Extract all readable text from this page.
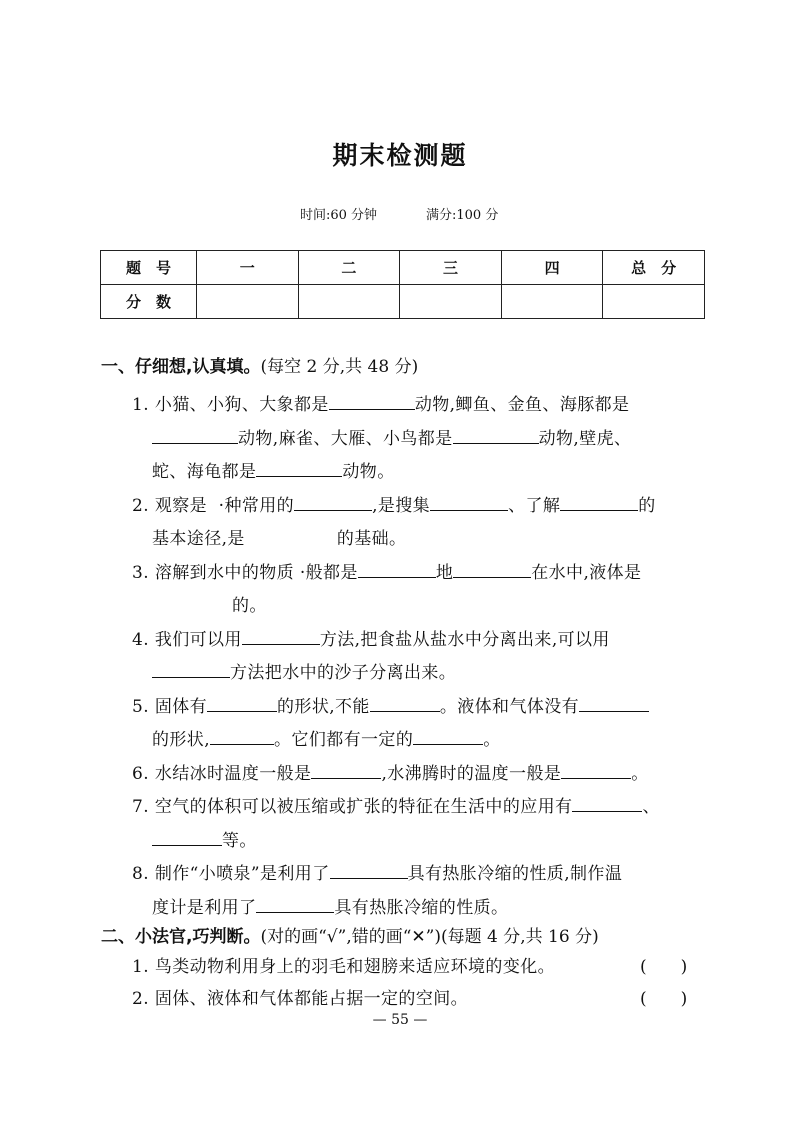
期末检测题
时间:60 分钟	满分:100 分
题　号	一	二	三	四	总　分
分　数					
一、仔细想,认真填。(每空 2 分,共 48 分)
1. 小猫、小狗、大象都是	动物,鲫鱼、金鱼、海豚都是
动物,麻雀、大雁、小鸟都是	动物,壁虎、
蛇、海龟都是	动物。
2. 观察是  ·种常用的	,是搜集	、了解	的
基本途径,是	的基础。
3. 溶解到水中的物质 ·般都是	地	在水中,液体是
的。
4. 我们可以用	方法,把食盐从盐水中分离出来,可以用
方法把水中的沙子分离出来。
5. 固体有	的形状,不能	。液体和气体没有
的形状,	。它们都有一定的	。
6. 水结冰时温度一般是	,水沸腾时的温度一般是	。
7. 空气的体积可以被压缩或扩张的特征在生活中的应用有	、
等。
8. 制作“小喷泉”是利用了	具有热胀冷缩的性质,制作温
度计是利用了	具有热胀冷缩的性质。
二、小法官,巧判断。(对的画“√”,错的画“✕”)(每题 4 分,共 16 分)
1. 鸟类动物利用身上的羽毛和翅膀来适应环境的变化。	(　　)
2. 固体、液体和气体都能占据一定的空间。	(　　)
— 55 —
